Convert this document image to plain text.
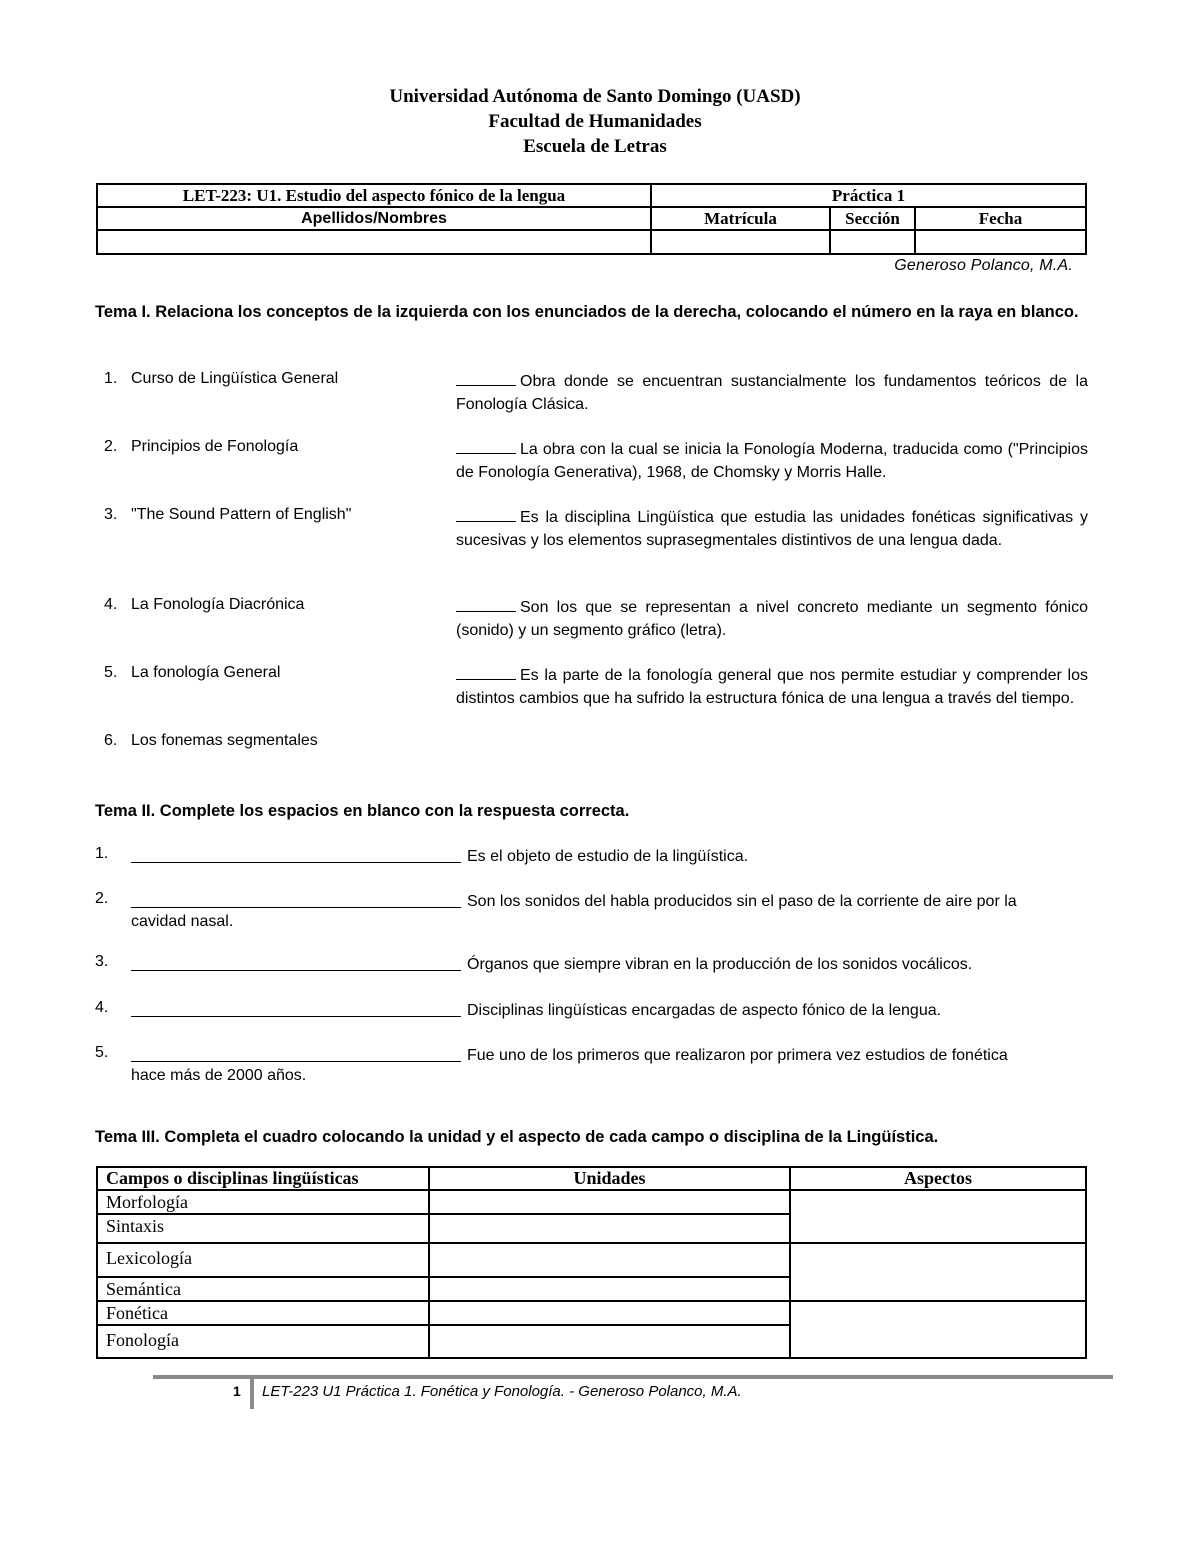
Universidad Autónoma de Santo Domingo (UASD)
Facultad de Humanidades
Escuela de Letras
LET-223: U1. Estudio del aspecto fónico de la lengua	Práctica 1		
Apellidos/Nombres	Matrícula	Sección	Fecha

Generoso Polanco, M.A.
Tema I. Relaciona los conceptos de la izquierda con los enunciados de la derecha, colocando el número en la raya en blanco.
1. Curso de Lingüística General	Obra donde se encuentran sustancialmente los fundamentos teóricos de la Fonología Clásica.
2. Principios de Fonología	La obra con la cual se inicia la Fonología Moderna, traducida como ("Principios de Fonología Generativa), 1968, de Chomsky y Morris Halle.
3. "The Sound Pattern of English"	Es la disciplina Lingüística que estudia las unidades fonéticas significativas y sucesivas y los elementos suprasegmentales distintivos de una lengua dada.
4. La Fonología Diacrónica	Son los que se representan a nivel concreto mediante un segmento fónico (sonido) y un segmento gráfico (letra).
5. La fonología General	Es la parte de la fonología general que nos permite estudiar y comprender los distintos cambios que ha sufrido la estructura fónica de una lengua a través del tiempo.
6. Los fonemas segmentales
Tema II. Complete los espacios en blanco con la respuesta correcta.
1.	Es el objeto de estudio de la lingüística.
2.	Son los sonidos del habla producidos sin el paso de la corriente de aire por la
cavidad nasal.
3.	Órganos que siempre vibran en la producción de los sonidos vocálicos.
4.	Disciplinas lingüísticas encargadas de aspecto fónico de la lengua.
5.	Fue uno de los primeros que realizaron por primera vez estudios de fonética
hace más de 2000 años.
Tema III. Completa el cuadro colocando la unidad y el aspecto de cada campo o disciplina de la Lingüística.
Campos o disciplinas lingüísticas	Unidades	Aspectos
Morfología		
Sintaxis		
Lexicología		
Semántica		
Fonética		
Fonología		
1 LET-223 U1 Práctica 1. Fonética y Fonología. - Generoso Polanco, M.A.
